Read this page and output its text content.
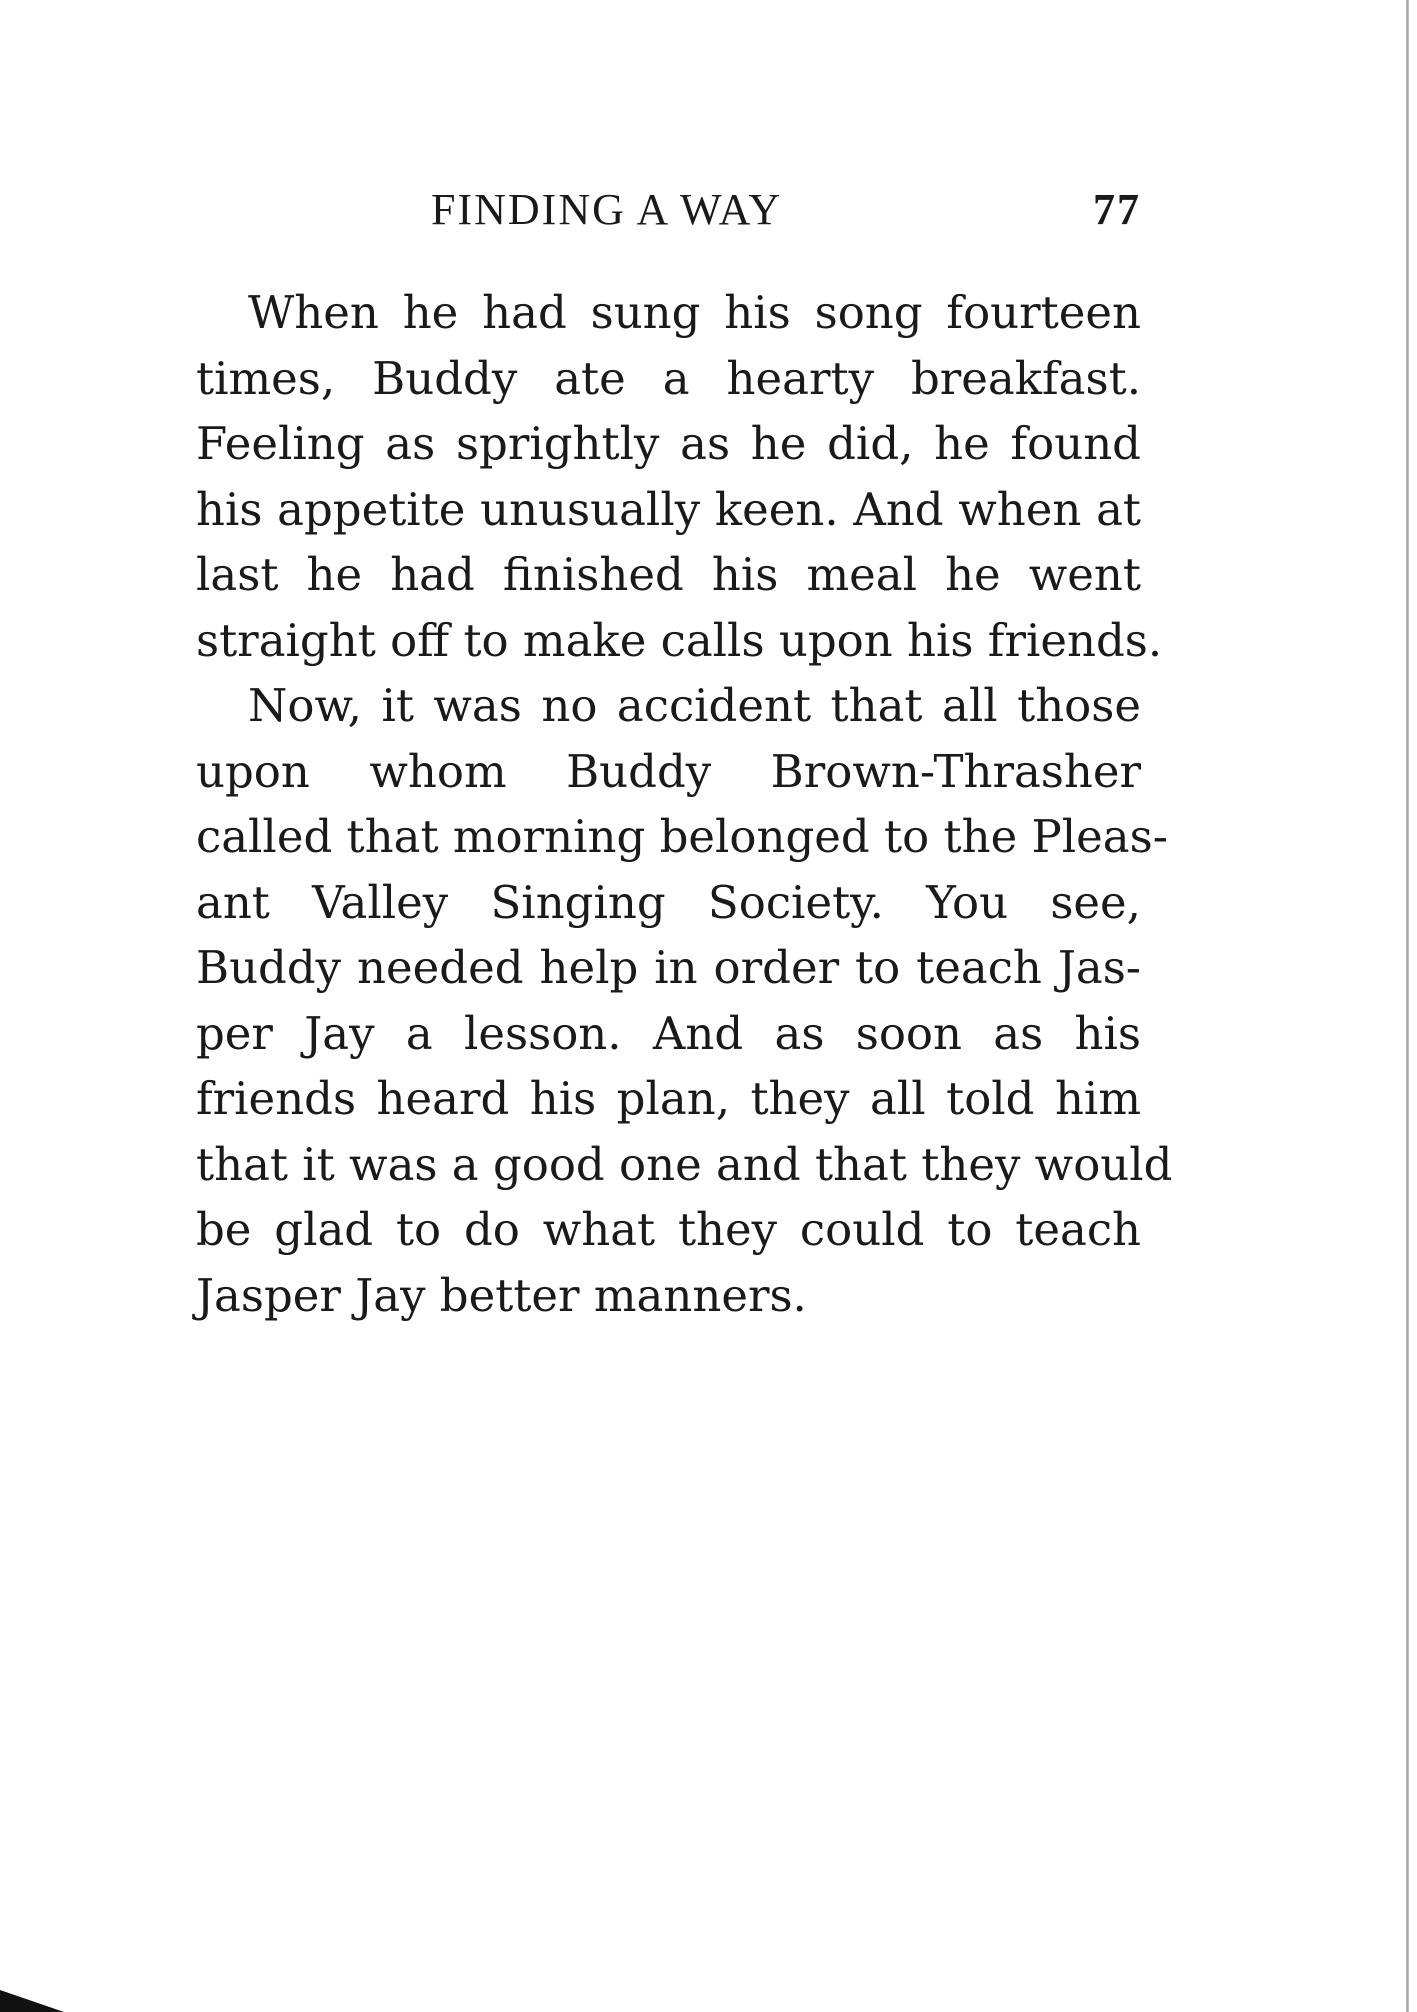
FINDING A WAY	77
When he had sung his song fourteen
times, Buddy ate a hearty breakfast.
Feeling as sprightly as he did, he found
his appetite unusually keen. And when at
last he had finished his meal he went
straight off to make calls upon his friends.
Now, it was no accident that all those
upon whom Buddy Brown-Thrasher
called that morning belonged to the Pleas-
ant Valley Singing Society. You see,
Buddy needed help in order to teach Jas-
per Jay a lesson. And as soon as his
friends heard his plan, they all told him
that it was a good one and that they would
be glad to do what they could to teach
Jasper Jay better manners.
